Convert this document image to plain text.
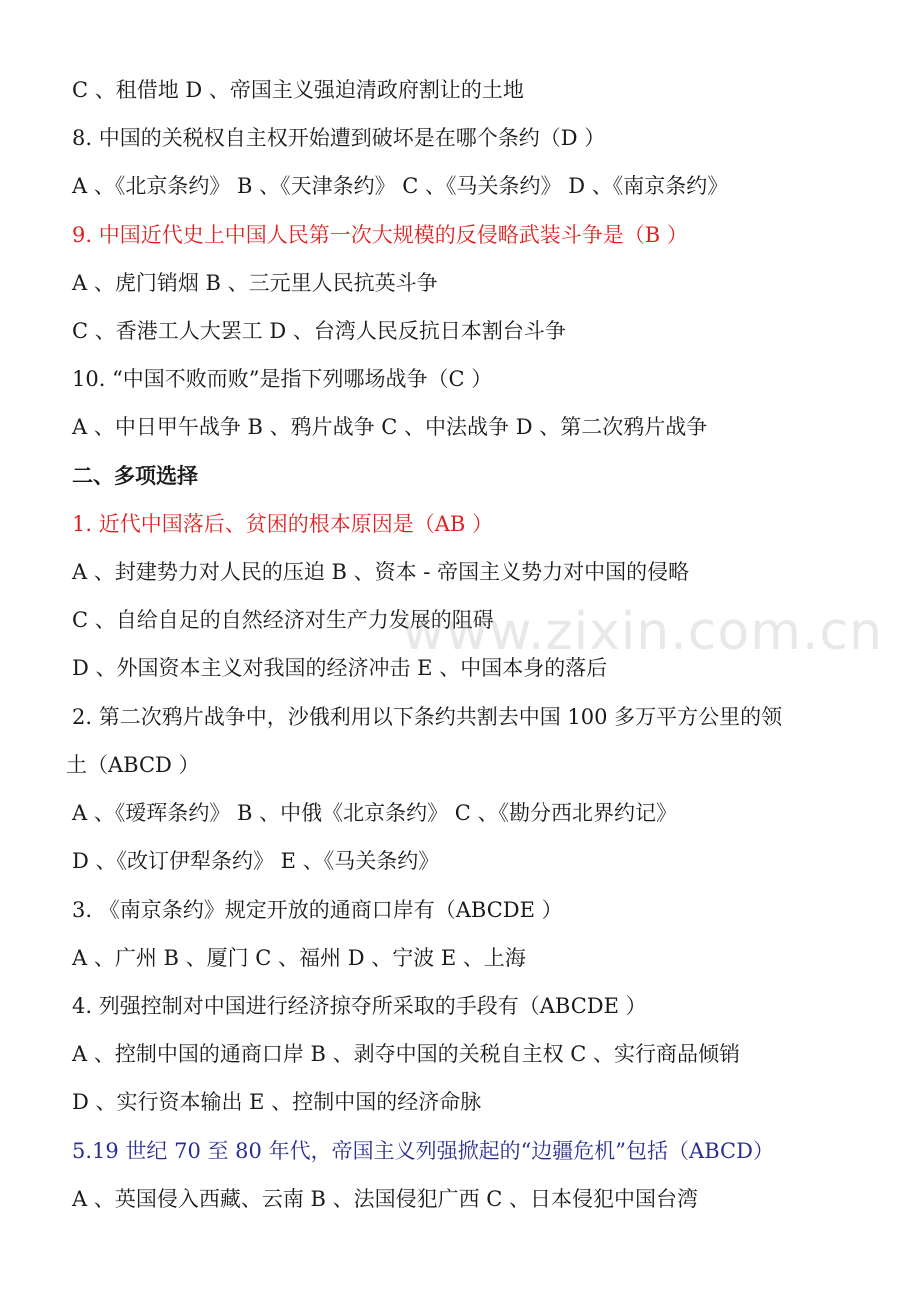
C 、租借地 D 、帝国主义强迫清政府割让的土地
8. 中国的关税权自主权开始遭到破坏是在哪个条约（D ）
A 、《北京条约》 B 、《天津条约》 C 、《马关条约》 D 、《南京条约》
9. 中国近代史上中国人民第一次大规模的反侵略武装斗争是（B ）
A 、虎门销烟 B 、三元里人民抗英斗争
C 、香港工人大罢工 D 、台湾人民反抗日本割台斗争
10. “中国不败而败”是指下列哪场战争（C ）
A 、中日甲午战争 B 、鸦片战争 C 、中法战争 D 、第二次鸦片战争
二、多项选择
1. 近代中国落后、贫困的根本原因是（AB ）
A 、封建势力对人民的压迫 B 、资本 - 帝国主义势力对中国的侵略
C 、自给自足的自然经济对生产力发展的阻碍
D 、外国资本主义对我国的经济冲击 E 、中国本身的落后
2. 第二次鸦片战争中，沙俄利用以下条约共割去中国 100 多万平方公里的领
土（ABCD ）
A 、《瑷珲条约》 B 、中俄《北京条约》 C 、《勘分西北界约记》
D 、《改订伊犁条约》 E 、《马关条约》
3. 《南京条约》规定开放的通商口岸有（ABCDE ）
A 、广州 B 、厦门 C 、福州 D 、宁波 E 、上海
4. 列强控制对中国进行经济掠夺所采取的手段有（ABCDE ）
A 、控制中国的通商口岸 B 、剥夺中国的关税自主权 C 、实行商品倾销
D 、实行资本输出 E 、控制中国的经济命脉
5.19 世纪 70 至 80 年代，帝国主义列强掀起的“边疆危机”包括（ABCD）
A 、英国侵入西藏、云南 B 、法国侵犯广西 C 、日本侵犯中国台湾
www.zixin.com.cn
